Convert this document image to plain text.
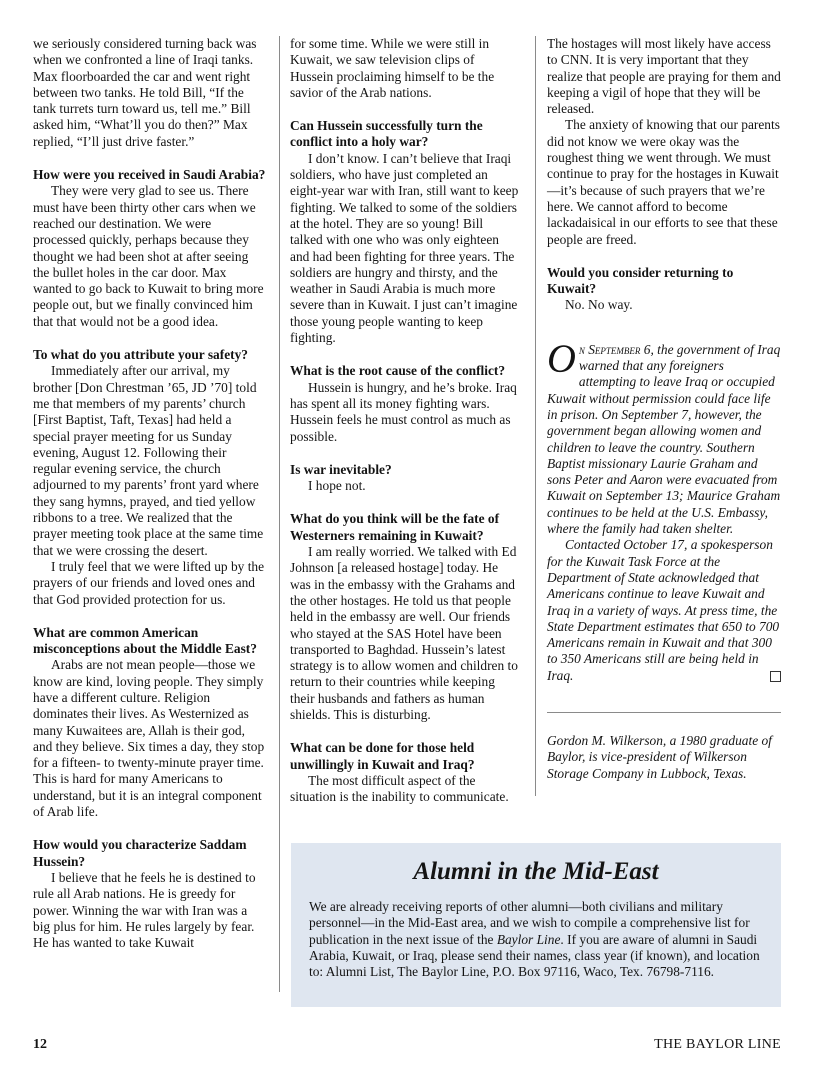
we seriously considered turning back was when we confronted a line of Iraqi tanks. Max floorboarded the car and went right between two tanks. He told Bill, “If the tank turrets turn toward us, tell me.” Bill asked him, “What’ll you do then?” Max replied, “I’ll just drive faster.”

How were you received in Saudi Arabia?

They were very glad to see us. There must have been thirty other cars when we reached our destination. We were processed quickly, perhaps because they thought we had been shot at after seeing the bullet holes in the car door. Max wanted to go back to Kuwait to bring more people out, but we finally convinced him that that would not be a good idea.

To what do you attribute your safety?

Immediately after our arrival, my brother [Don Chrestman ’65, JD ’70] told me that members of my parents’ church [First Baptist, Taft, Texas] had held a special prayer meeting for us Sunday evening, August 12. Following their regular evening service, the church adjourned to my parents’ front yard where they sang hymns, prayed, and tied yellow ribbons to a tree. We realized that the prayer meeting took place at the same time that we were crossing the desert.

I truly feel that we were lifted up by the prayers of our friends and loved ones and that God provided protection for us.

What are common American misconceptions about the Middle East?

Arabs are not mean people—those we know are kind, loving people. They simply have a different culture. Religion dominates their lives. As Westernized as many Kuwaitees are, Allah is their god, and they believe. Six times a day, they stop for a fifteen- to twenty-minute prayer time. This is hard for many Americans to understand, but it is an integral component of Arab life.

How would you characterize Saddam Hussein?

I believe that he feels he is destined to rule all Arab nations. He is greedy for power. Winning the war with Iran was a big plus for him. He rules largely by fear. He has wanted to take Kuwait

for some time. While we were still in Kuwait, we saw television clips of Hussein proclaiming himself to be the savior of the Arab nations.

Can Hussein successfully turn the conflict into a holy war?

I don’t know. I can’t believe that Iraqi soldiers, who have just completed an eight-year war with Iran, still want to keep fighting. We talked to some of the soldiers at the hotel. They are so young! Bill talked with one who was only eighteen and had been fighting for three years. The soldiers are hungry and thirsty, and the weather in Saudi Arabia is much more severe than in Kuwait. I just can’t imagine those young people wanting to keep fighting.

What is the root cause of the conflict?

Hussein is hungry, and he’s broke. Iraq has spent all its money fighting wars. Hussein feels he must control as much as possible.

Is war inevitable?

I hope not.

What do you think will be the fate of Westerners remaining in Kuwait?

I am really worried. We talked with Ed Johnson [a released hostage] today. He was in the embassy with the Grahams and the other hostages. He told us that people held in the embassy are well. Our friends who stayed at the SAS Hotel have been transported to Baghdad. Hussein’s latest strategy is to allow women and children to return to their countries while keeping their husbands and fathers as human shields. This is disturbing.

What can be done for those held unwillingly in Kuwait and Iraq?

The most difficult aspect of the situation is the inability to communicate.

The hostages will most likely have access to CNN. It is very important that they realize that people are praying for them and keeping a vigil of hope that they will be released.

The anxiety of knowing that our parents did not know we were okay was the roughest thing we went through. We must continue to pray for the hostages in Kuwait—it’s because of such prayers that we’re here. We cannot afford to become lackadaisical in our efforts to see that these people are freed.

Would you consider returning to Kuwait?

No. No way.

On September 6, the government of Iraq warned that any foreigners attempting to leave Iraq or occupied Kuwait without permission could face life in prison. On September 7, however, the government began allowing women and children to leave the country. Southern Baptist missionary Laurie Graham and sons Peter and Aaron were evacuated from Kuwait on September 13; Maurice Graham continues to be held at the U.S. Embassy, where the family had taken shelter.

Contacted October 17, a spokesperson for the Kuwait Task Force at the Department of State acknowledged that Americans continue to leave Kuwait and Iraq in a variety of ways. At press time, the State Department estimates that 650 to 700 Americans remain in Kuwait and that 300 to 350 Americans still are being held in Iraq.

Gordon M. Wilkerson, a 1980 graduate of Baylor, is vice-president of Wilkerson Storage Company in Lubbock, Texas.

Alumni in the Mid-East

We are already receiving reports of other alumni—both civilians and military personnel—in the Mid-East area, and we wish to compile a comprehensive list for publication in the next issue of the Baylor Line. If you are aware of alumni in Saudi Arabia, Kuwait, or Iraq, please send their names, class year (if known), and location to: Alumni List, The Baylor Line, P.O. Box 97116, Waco, Tex. 76798-7116.

12	THE BAYLOR LINE
